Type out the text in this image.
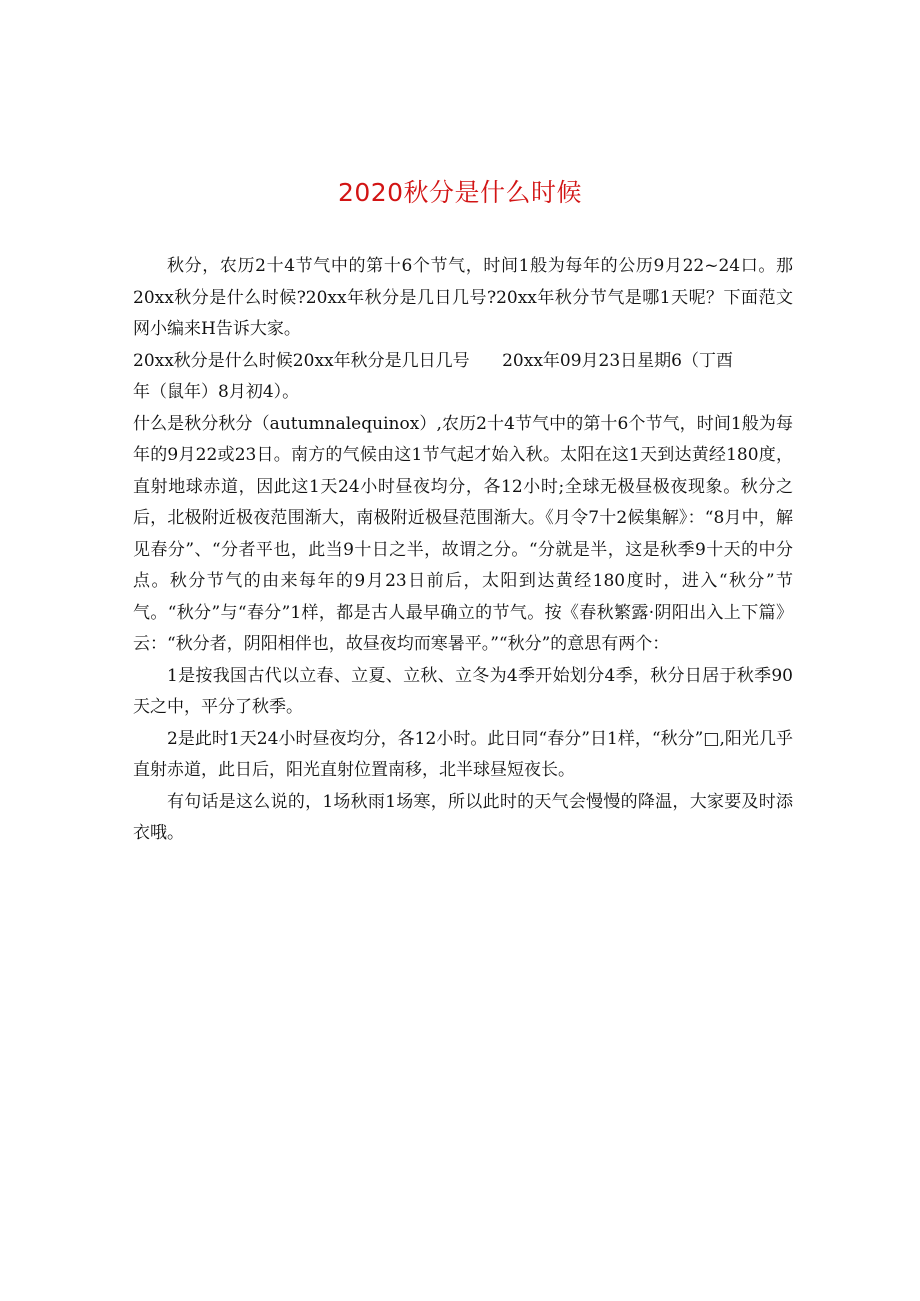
2020秋分是什么时候

秋分，农历2十4节气中的第十6个节气，时间1般为每年的公历9月22~24口。那20xx秋分是什么时候?20xx年秋分是几日几号?20xx年秋分节气是哪1天呢？下面范文网小编来H告诉大家。

20xx秋分是什么时候20xx年秋分是几日几号 20xx年09月23日星期6（丁酉

年（鼠年）8月初4）。

什么是秋分秋分（autumnalequinox）,农历2十4节气中的第十6个节气，时间1般为每年的9月22或23日。南方的气候由这1节气起才始入秋。太阳在这1天到达黄经180度，直射地球赤道，因此这1天24小时昼夜均分，各12小时;全球无极昼极夜现象。秋分之后，北极附近极夜范围渐大，南极附近极昼范围渐大。《月令7十2候集解》：“8月中，解见春分”、“分者平也，此当9十日之半，故谓之分。“分就是半，这是秋季9十天的中分点。秋分节气的由来每年的9月23日前后，太阳到达黄经180度时，进入“秋分”节气。“秋分”与“春分”1样，都是古人最早确立的节气。按《春秋繁露·阴阳出入上下篇》云：“秋分者，阴阳相伴也，故昼夜均而寒暑平。”“秋分”的意思有两个：

1是按我国古代以立春、立夏、立秋、立冬为4季开始划分4季，秋分日居于秋季90天之中，平分了秋季。

2是此时1天24小时昼夜均分，各12小时。此日同“春分”日1样，“秋分”□,阳光几乎直射赤道，此日后，阳光直射位置南移，北半球昼短夜长。

有句话是这么说的，1场秋雨1场寒，所以此时的天气会慢慢的降温，大家要及时添衣哦。
